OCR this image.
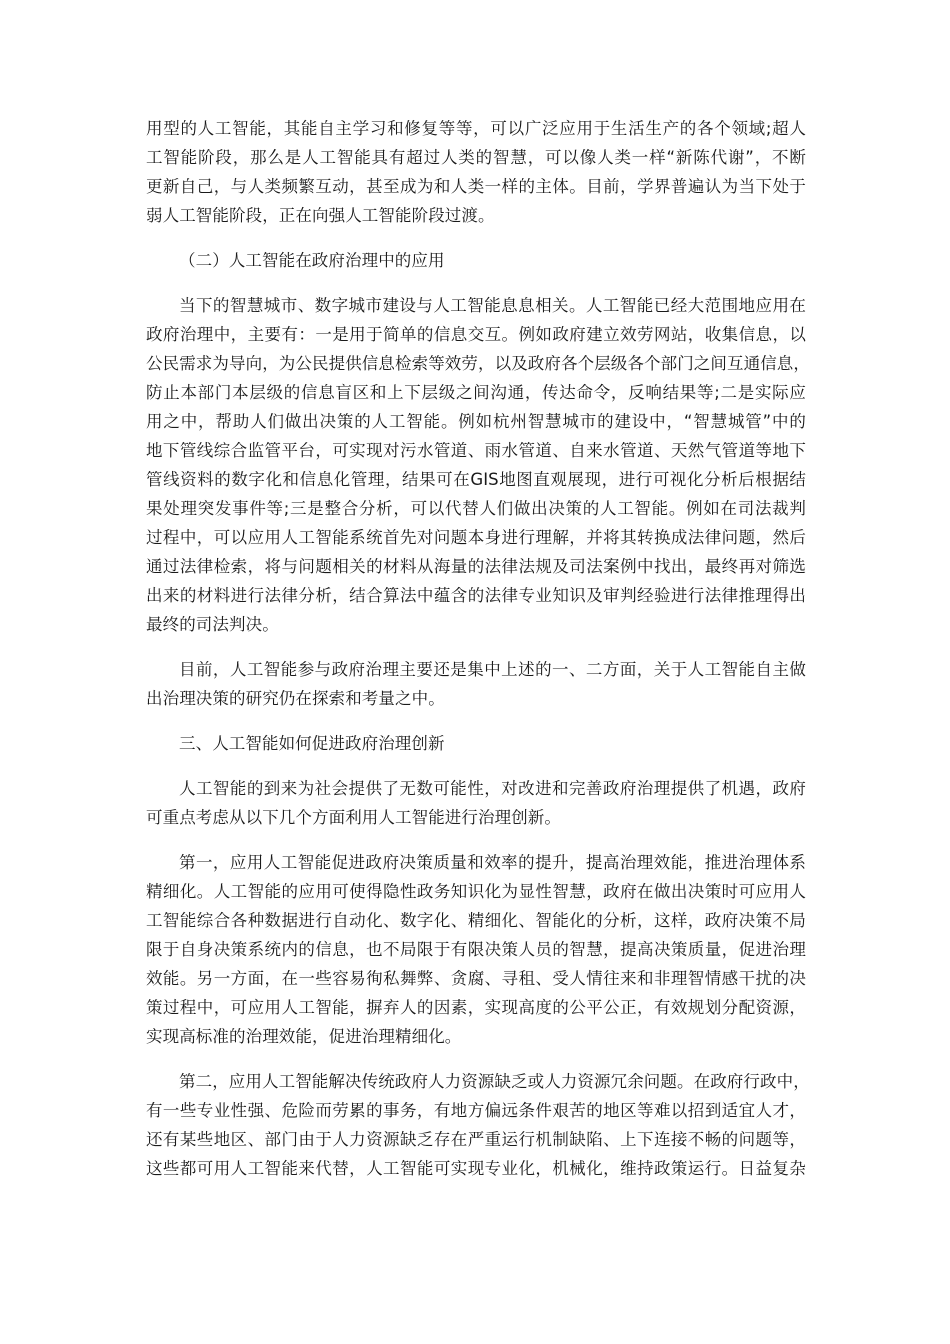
用型的人工智能，其能自主学习和修复等等，可以广泛应用于生活生产的各个领域;超人
工智能阶段，那么是人工智能具有超过人类的智慧，可以像人类一样“新陈代谢”，不断
更新自己，与人类频繁互动，甚至成为和人类一样的主体。目前，学界普遍认为当下处于
弱人工智能阶段，正在向强人工智能阶段过渡。
（二）人工智能在政府治理中的应用
当下的智慧城市、数字城市建设与人工智能息息相关。人工智能已经大范围地应用在
政府治理中，主要有：一是用于简单的信息交互。例如政府建立效劳网站，收集信息，以
公民需求为导向，为公民提供信息检索等效劳，以及政府各个层级各个部门之间互通信息，
防止本部门本层级的信息盲区和上下层级之间沟通，传达命令，反响结果等;二是实际应
用之中，帮助人们做出决策的人工智能。例如杭州智慧城市的建设中，“智慧城管”中的
地下管线综合监管平台，可实现对污水管道、雨水管道、自来水管道、天然气管道等地下
管线资料的数字化和信息化管理，结果可在GIS地图直观展现，进行可视化分析后根据结
果处理突发事件等;三是整合分析，可以代替人们做出决策的人工智能。例如在司法裁判
过程中，可以应用人工智能系统首先对问题本身进行理解，并将其转换成法律问题，然后
通过法律检索，将与问题相关的材料从海量的法律法规及司法案例中找出，最终再对筛选
出来的材料进行法律分析，结合算法中蕴含的法律专业知识及审判经验进行法律推理得出
最终的司法判决。
目前，人工智能参与政府治理主要还是集中上述的一、二方面，关于人工智能自主做
出治理决策的研究仍在探索和考量之中。
三、人工智能如何促进政府治理创新
人工智能的到来为社会提供了无数可能性，对改进和完善政府治理提供了机遇，政府
可重点考虑从以下几个方面利用人工智能进行治理创新。
第一，应用人工智能促进政府决策质量和效率的提升，提高治理效能，推进治理体系
精细化。人工智能的应用可使得隐性政务知识化为显性智慧，政府在做出决策时可应用人
工智能综合各种数据进行自动化、数字化、精细化、智能化的分析，这样，政府决策不局
限于自身决策系统内的信息，也不局限于有限决策人员的智慧，提高决策质量，促进治理
效能。另一方面，在一些容易徇私舞弊、贪腐、寻租、受人情往来和非理智情感干扰的决
策过程中，可应用人工智能，摒弃人的因素，实现高度的公平公正，有效规划分配资源，
实现高标准的治理效能，促进治理精细化。
第二，应用人工智能解决传统政府人力资源缺乏或人力资源冗余问题。在政府行政中，
有一些专业性强、危险而劳累的事务，有地方偏远条件艰苦的地区等难以招到适宜人才，
还有某些地区、部门由于人力资源缺乏存在严重运行机制缺陷、上下连接不畅的问题等，
这些都可用人工智能来代替，人工智能可实现专业化，机械化，维持政策运行。日益复杂
